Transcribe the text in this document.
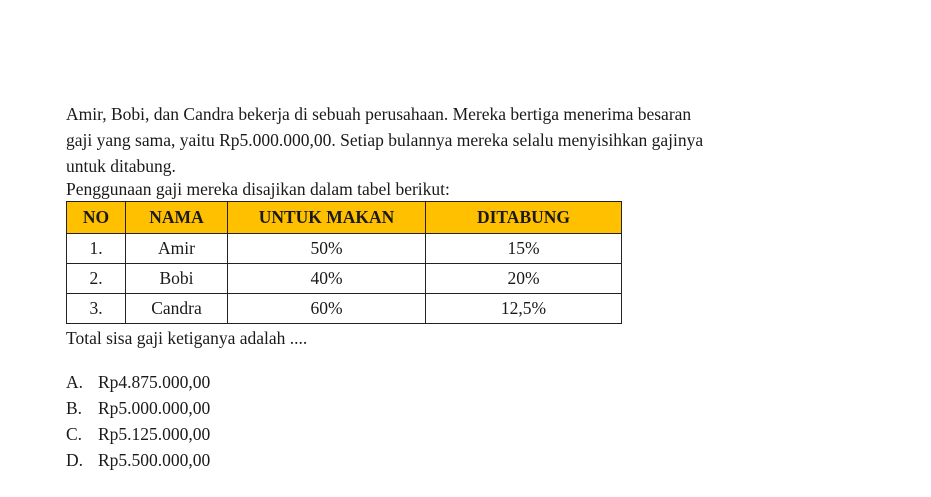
Amir, Bobi, dan Candra bekerja di sebuah perusahaan. Mereka bertiga menerima besaran
gaji yang sama, yaitu Rp5.000.000,00. Setiap bulannya mereka selalu menyisihkan gajinya
untuk ditabung.

Penggunaan gaji mereka disajikan dalam tabel berikut:

NO	NAMA	UNTUK MAKAN	DITABUNG
1.	Amir	50%	15%
2.	Bobi	40%	20%
3.	Candra	60%	12,5%

Total sisa gaji ketiganya adalah ....

A. Rp4.875.000,00
B. Rp5.000.000,00
C. Rp5.125.000,00
D. Rp5.500.000,00
